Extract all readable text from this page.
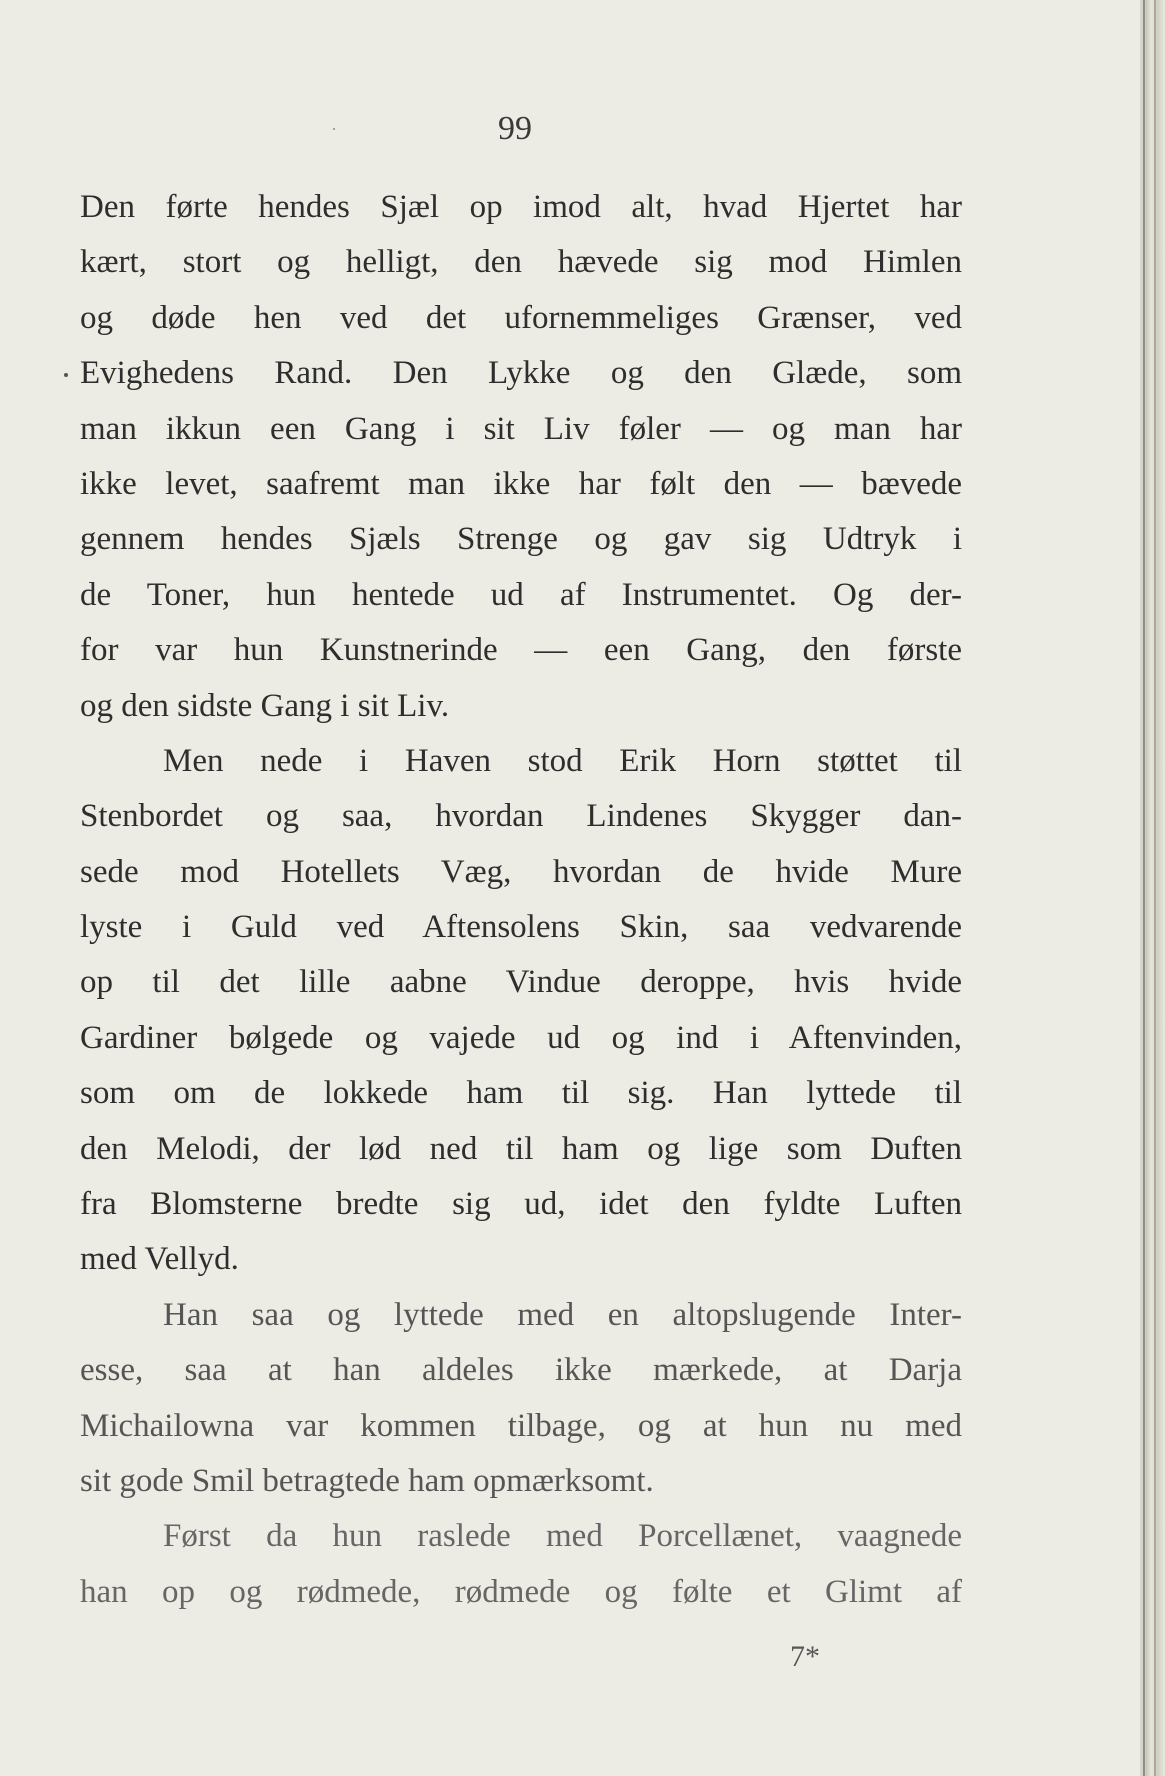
99
Den førte hendes Sjæl op imod alt, hvad Hjertet har
kært, stort og helligt, den hævede sig mod Himlen
og døde hen ved det ufornemmeliges Grænser, ved
Evighedens Rand. Den Lykke og den Glæde, som
man ikkun een Gang i sit Liv føler — og man har
ikke levet, saafremt man ikke har følt den — bævede
gennem hendes Sjæls Strenge og gav sig Udtryk i
de Toner, hun hentede ud af Instrumentet. Og der-
for var hun Kunstnerinde — een Gang, den første
og den sidste Gang i sit Liv.
Men nede i Haven stod Erik Horn støttet til
Stenbordet og saa, hvordan Lindenes Skygger dan-
sede mod Hotellets Væg, hvordan de hvide Mure
lyste i Guld ved Aftensolens Skin, saa vedvarende
op til det lille aabne Vindue deroppe, hvis hvide
Gardiner bølgede og vajede ud og ind i Aftenvinden,
som om de lokkede ham til sig. Han lyttede til
den Melodi, der lød ned til ham og lige som Duften
fra Blomsterne bredte sig ud, idet den fyldte Luften
med Vellyd.
Han saa og lyttede med en altopslugende Inter-
esse, saa at han aldeles ikke mærkede, at Darja
Michailowna var kommen tilbage, og at hun nu med
sit gode Smil betragtede ham opmærksomt.
Først da hun raslede med Porcellænet, vaagnede
han op og rødmede, rødmede og følte et Glimt af
7*
